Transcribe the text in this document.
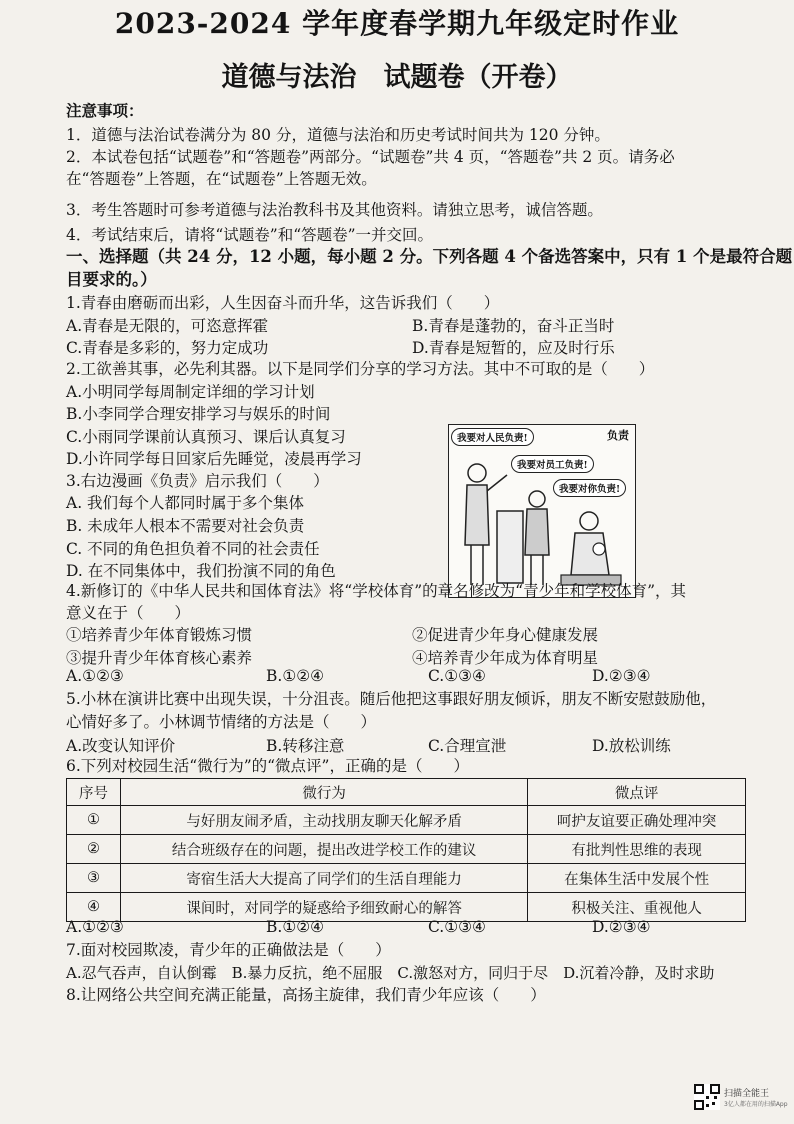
2023-2024 学年度春学期九年级定时作业
道德与法治　试题卷（开卷）
注意事项：
1．道德与法治试卷满分为 80 分，道德与法治和历史考试时间共为 120 分钟。
2．本试卷包括“试题卷”和“答题卷”两部分。“试题卷”共 4 页，“答题卷”共 2 页。请务必
在“答题卷”上答题，在“试题卷”上答题无效。
3．考生答题时可参考道德与法治教科书及其他资料。请独立思考，诚信答题。
4．考试结束后，请将“试题卷”和“答题卷”一并交回。
一、选择题（共 24 分，12 小题，每小题 2 分。下列各题 4 个备选答案中，只有 1 个是最符合题
目要求的。）
1.青春由磨砺而出彩，人生因奋斗而升华，这告诉我们（　　）
A.青春是无限的，可恣意挥霍	B.青春是蓬勃的，奋斗正当时
C.青春是多彩的，努力定成功	D.青春是短暂的，应及时行乐
2.工欲善其事，必先利其器。以下是同学们分享的学习方法。其中不可取的是（　　）
A.小明同学每周制定详细的学习计划
B.小李同学合理安排学习与娱乐的时间
C.小雨同学课前认真预习、课后认真复习
D.小许同学每日回家后先睡觉，凌晨再学习
3.右边漫画《负责》启示我们（　　）
A. 我们每个人都同时属于多个集体
B. 未成年人根本不需要对社会负责
C. 不同的角色担负着不同的社会责任
D. 在不同集体中，我们扮演不同的角色
负责
我要对人民负责!
我要对员工负责!
我要对你负责!
4.新修订的《中华人民共和国体育法》将“学校体育”的章名修改为“青少年和学校体育”，其
意义在于（　　）
①培养青少年体育锻炼习惯	②促进青少年身心健康发展
③提升青少年体育核心素养	④培养青少年成为体育明星
A.①②③	B.①②④	C.①③④	D.②③④
5.小林在演讲比赛中出现失误，十分沮丧。随后他把这事跟好朋友倾诉，朋友不断安慰鼓励他，
心情好多了。小林调节情绪的方法是（　　）
A.改变认知评价	B.转移注意	C.合理宣泄	D.放松训练
6.下列对校园生活“微行为”的“微点评”，正确的是（　　）
序号	微行为	微点评
①	与好朋友闹矛盾，主动找朋友聊天化解矛盾	呵护友谊要正确处理冲突
②	结合班级存在的问题，提出改进学校工作的建议	有批判性思维的表现
③	寄宿生活大大提高了同学们的生活自理能力	在集体生活中发展个性
④	课间时，对同学的疑惑给予细致耐心的解答	积极关注、重视他人
A.①②③	B.①②④	C.①③④	D.②③④
7.面对校园欺凌，青少年的正确做法是（　　）
A.忍气吞声，自认倒霉　B.暴力反抗，绝不屈服　C.激怒对方，同归于尽　D.沉着冷静，及时求助
8.让网络公共空间充满正能量，高扬主旋律，我们青少年应该（　　）
扫描全能王
3亿人都在用的扫描App
